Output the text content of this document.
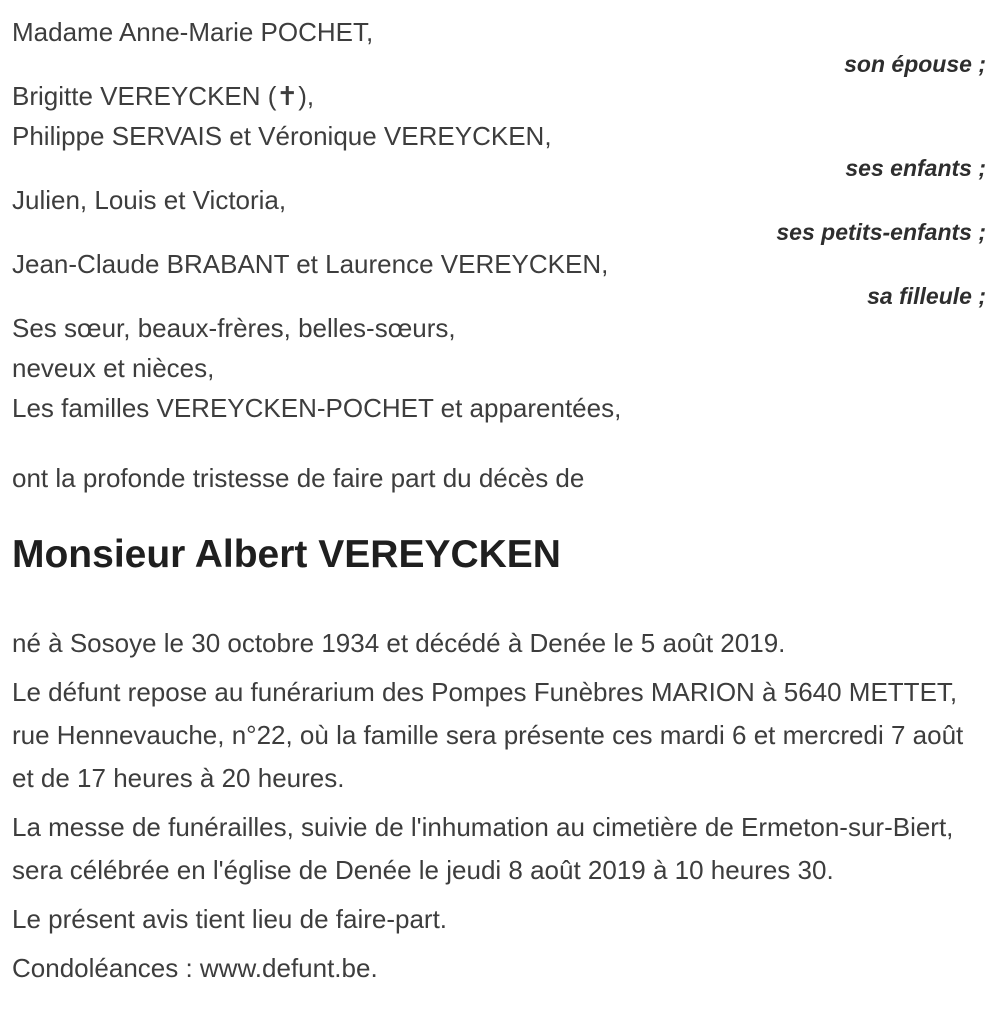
Madame Anne-Marie POCHET,
son épouse ;
Brigitte VEREYCKEN (✝),
Philippe SERVAIS et Véronique VEREYCKEN,
ses enfants ;
Julien, Louis et Victoria,
ses petits-enfants ;
Jean-Claude BRABANT et Laurence VEREYCKEN,
sa filleule ;
Ses sœur, beaux-frères, belles-sœurs,
neveux et nièces,
Les familles VEREYCKEN-POCHET et apparentées,
ont la profonde tristesse de faire part du décès de
Monsieur Albert VEREYCKEN

né à Sosoye le 30 octobre 1934 et décédé à Denée le 5 août 2019.

Le défunt repose au funérarium des Pompes Funèbres MARION à 5640 METTET, rue Hennevauche, n°22, où la famille sera présente ces mardi 6 et mercredi 7 août et de 17 heures à 20 heures.

La messe de funérailles, suivie de l'inhumation au cimetière de Ermeton-sur-Biert, sera célébrée en l'église de Denée le jeudi 8 août 2019 à 10 heures 30.

Le présent avis tient lieu de faire-part.

Condoléances : www.defunt.be.
